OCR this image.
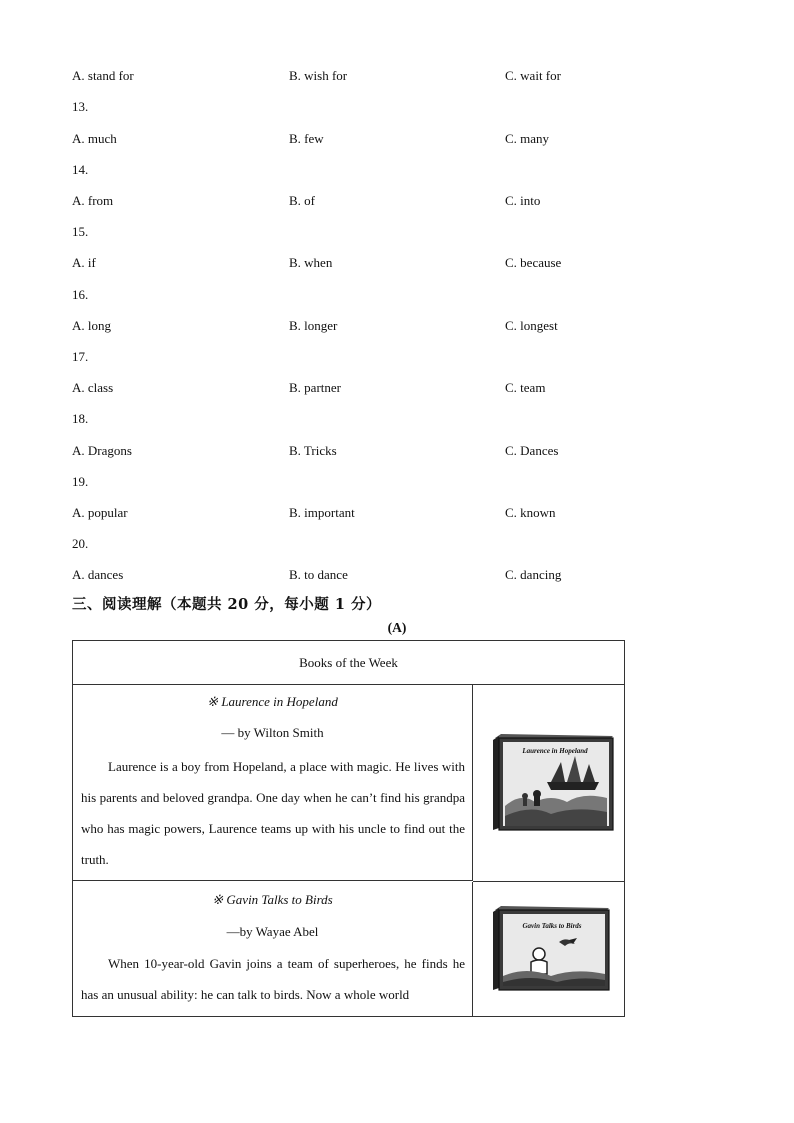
A. stand for	B. wish for	C. wait for
13.
A. much	B. few	C. many
14.
A. from	B. of	C. into
15.
A. if	B. when	C. because
16.
A. long	B. longer	C. longest
17.
A. class	B. partner	C. team
18.
A. Dragons	B. Tricks	C. Dances
19.
A. popular	B. important	C. known
20.
A. dances	B. to dance	C. dancing
三、阅读理解（本题共 20 分，每小题 1 分）
(A)
Books of the Week
※ Laurence in Hopeland
— by Wilton Smith
Laurence is a boy from Hopeland, a place with magic. He lives with his parents and beloved grandpa. One day when he can’t find his grandpa who has magic powers, Laurence teams up with his uncle to find out the truth.
Laurence in Hopeland
※ Gavin Talks to Birds
—by Wayae Abel
When 10-year-old Gavin joins a team of superheroes, he finds he has an unusual ability: he can talk to birds. Now a whole world
Gavin Talks to Birds
